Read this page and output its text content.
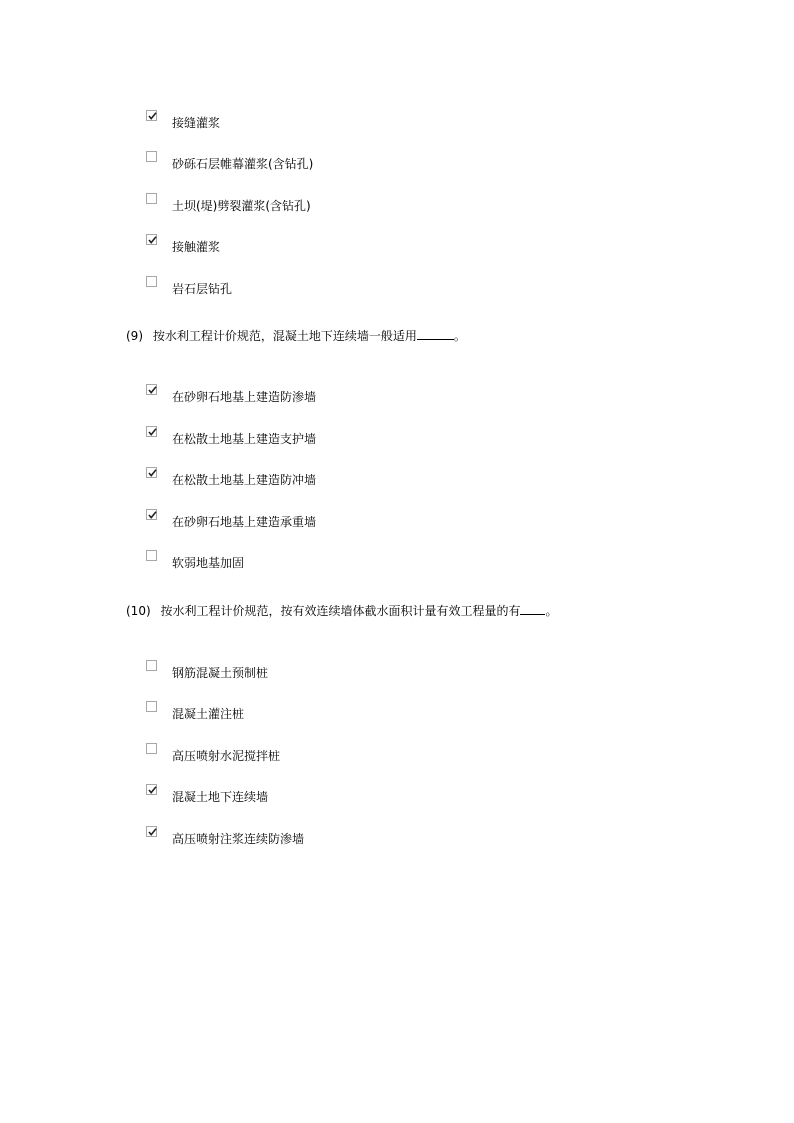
接缝灌浆
砂砾石层帷幕灌浆(含钻孔)
土坝(堤)劈裂灌浆(含钻孔)
接触灌浆
岩石层钻孔
(9) 按水利工程计价规范，混凝土地下连续墙一般适用	。
在砂卵石地基上建造防渗墙
在松散土地基上建造支护墙
在松散土地基上建造防冲墙
在砂卵石地基上建造承重墙
软弱地基加固
(10) 按水利工程计价规范，按有效连续墙体截水面积计量有效工程量的有 。
钢筋混凝土预制桩
混凝土灌注桩
高压喷射水泥搅拌桩
混凝土地下连续墙
高压喷射注浆连续防渗墙
